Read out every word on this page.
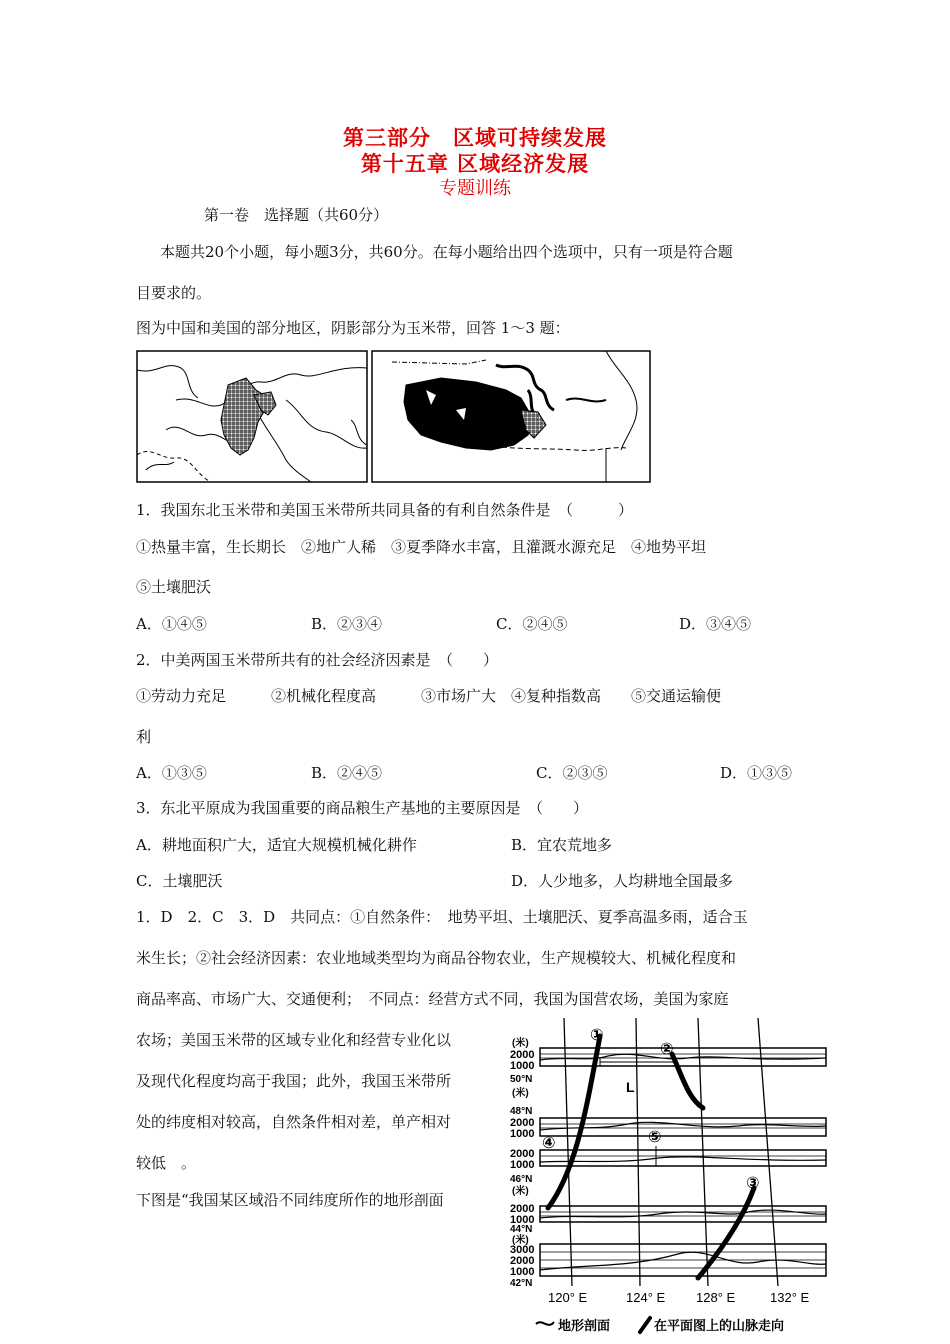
第三部分　区域可持续发展
第十五章 区域经济发展
专题训练
第一卷　选择题（共60分）
本题共20个小题，每小题3分，共60分。在每小题给出四个选项中，只有一项是符合题
目要求的。
图为中国和美国的部分地区，阴影部分为玉米带，回答 1～3 题：
1．我国东北玉米带和美国玉米带所共同具备的有利自然条件是　（　　　）
①热量丰富，生长期长　②地广人稀　③夏季降水丰富，且灌溉水源充足　④地势平坦
⑤土壤肥沃
A．①④⑤	B．②③④	C．②④⑤	D．③④⑤
2．中美两国玉米带所共有的社会经济因素是　（　　）
①劳动力充足　　　②机械化程度高　　　③市场广大　④复种指数高　　⑤交通运输便
利
A．①③⑤	B．②④⑤	C．②③⑤	D．①③⑤
3．东北平原成为我国重要的商品粮生产基地的主要原因是　（　　）
A．耕地面积广大，适宜大规模机械化耕作	B．宜农荒地多
C．土壤肥沃	D．人少地多，人均耕地全国最多
1．D　2．C　3．D　共同点：①自然条件：　地势平坦、土壤肥沃、夏季高温多雨，适合玉
米生长；②社会经济因素：农业地域类型均为商品谷物农业，生产规模较大、机械化程度和
商品率高、市场广大、交通便利；　不同点：经营方式不同，我国为国营农场，美国为家庭
农场；美国玉米带的区域专业化和经营专业化以
及现代化程度均高于我国；此外，我国玉米带所
处的纬度相对较高，自然条件相对差，单产相对
较低　。
下图是“我国某区域沿不同纬度所作的地形剖面
L
①
②
③
④	⑤
(米)
2000
1000
50°N
(米)
2000
1000
48°N
2000
1000
46°N
(米)
2000
1000
44°N
(米)
3000
2000
1000
42°N
120° E	124° E 128° E	132° E
地形剖面	在平面图上的山脉走向
